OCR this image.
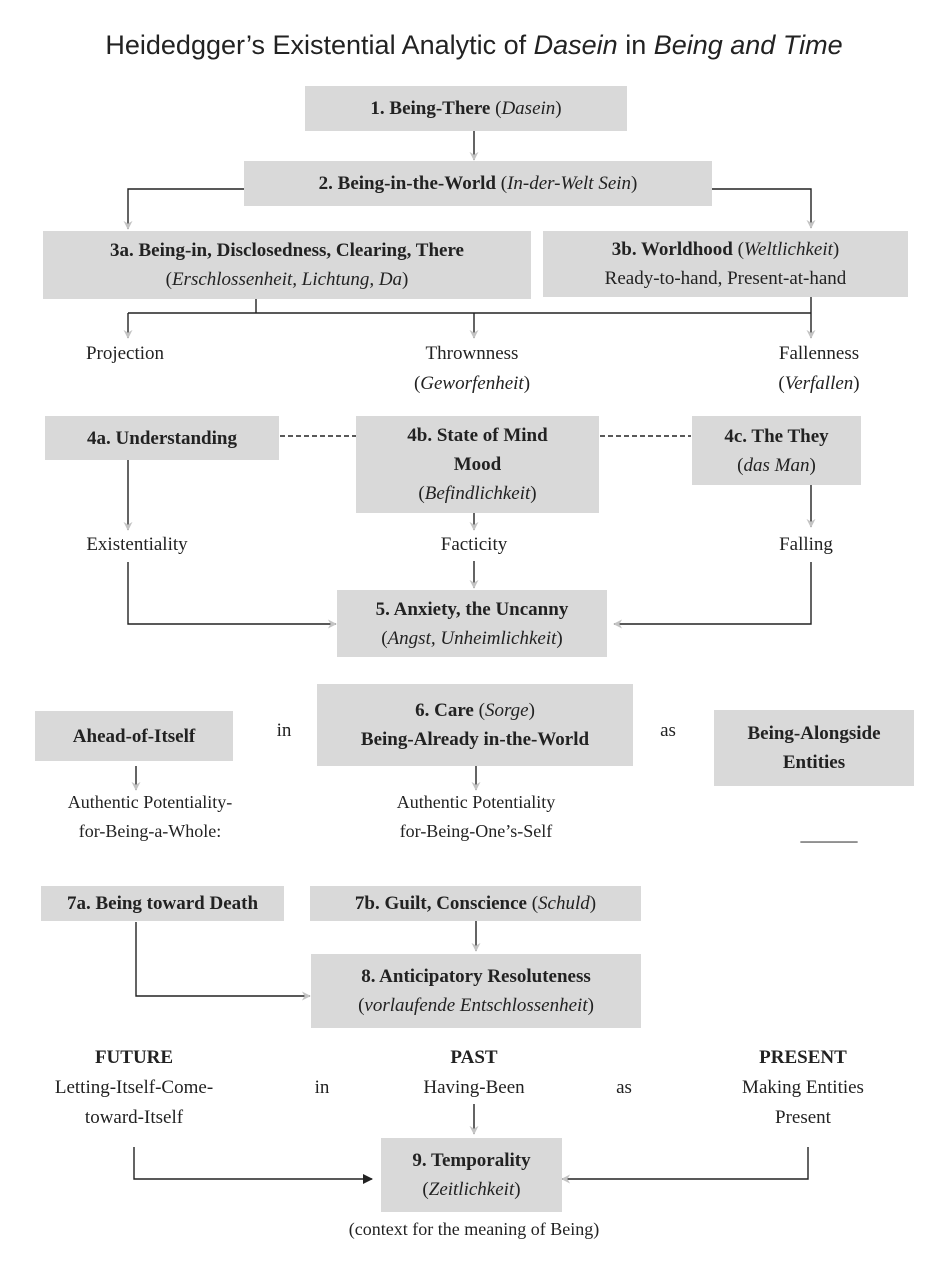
Heidedgger’s Existential Analytic of Dasein in Being and Time
1. Being-There (Dasein)
2. Being-in-the-World (In-der-Welt Sein)
3a. Being-in, Disclosedness, Clearing, There
(Erschlossenheit, Lichtung, Da)
3b. Worldhood (Weltlichkeit)
Ready-to-hand, Present-at-hand
Projection	Thrownness
(Geworfenheit)
Fallenness
(Verfallen)
4a. Understanding	4b. State of Mind
Mood
(Befindlichkeit)
4c. The They
(das Man)
Existentiality	Facticity	Falling
5. Anxiety, the Uncanny
(Angst, Unheimlichkeit)
Ahead-of-Itself	in
6. Care (Sorge)
Being-Already in-the-World	as	Being-Alongside
Entities
Authentic Potentiality-
for-Being-a-Whole:
Authentic Potentiality
for-Being-One’s-Self	______
7a. Being toward Death	7b. Guilt, Conscience (Schuld)
8. Anticipatory Resoluteness
(vorlaufende Entschlossenheit)
FUTURE
Letting-Itself-Come-
toward-Itself
in
PAST
Having-Been	as
PRESENT
Making Entities
Present
9. Temporality
(Zeitlichkeit)
(context for the meaning of Being)
